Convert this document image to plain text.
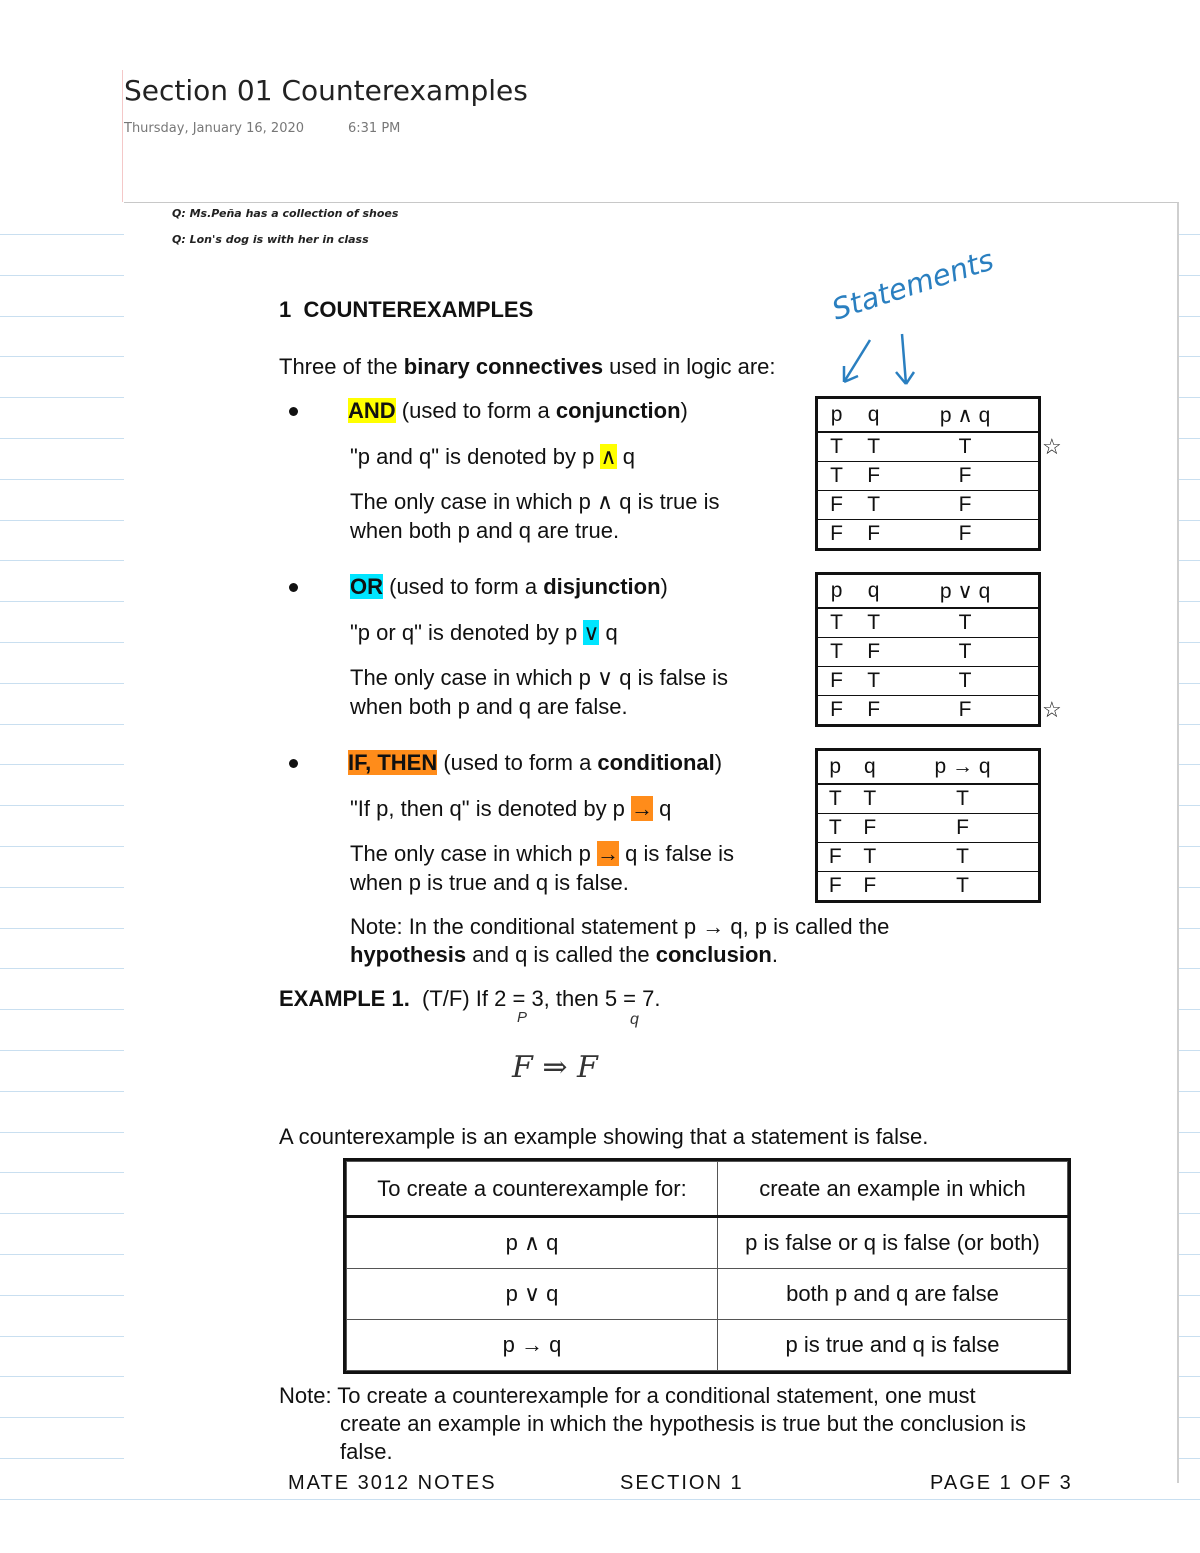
Section 01 Counterexamples
Thursday, January 16, 2020	6:31 PM
Q: Ms.Peña has a collection of shoes
Q: Lon's dog is with her in class
Statements
1 COUNTEREXAMPLES
Three of the binary connectives used in logic are:
AND (used to form a conjunction)
"p and q" is denoted by p ∧ q
The only case in which p ∧ q is true is
when both p and q are true.
OR (used to form a disjunction)
"p or q" is denoted by p ∨ q
The only case in which p ∨ q is false is
when both p and q are false.
IF, THEN (used to form a conditional)
"If p, then q" is denoted by p → q
The only case in which p → q is false is
when p is true and q is false.
p	q	p ∧ q
T	T	T
T	F	F
F	T	F
F	F	F
p	q	p ∨ q
T	T	T
T	F	T
F	T	T
F	F	F
p	q	p → q
T	T	T
T	F	F
F	T	T
F	F	T
☆
☆
Note: In the conditional statement p → q, p is called the
hypothesis and q is called the conclusion.
EXAMPLE 1. (T/F) If 2 = 3, then 5 = 7.
P	q
F ⇒ F
A counterexample is an example showing that a statement is false.
To create a counterexample for:	create an example in which
p ∧ q	p is false or q is false (or both)
p ∨ q	both p and q are false
p → q	p is true and q is false
Note: To create a counterexample for a conditional statement, one must
create an example in which the hypothesis is true but the conclusion is
false.
MATE 3012 NOTES	SECTION 1	PAGE 1 OF 3
